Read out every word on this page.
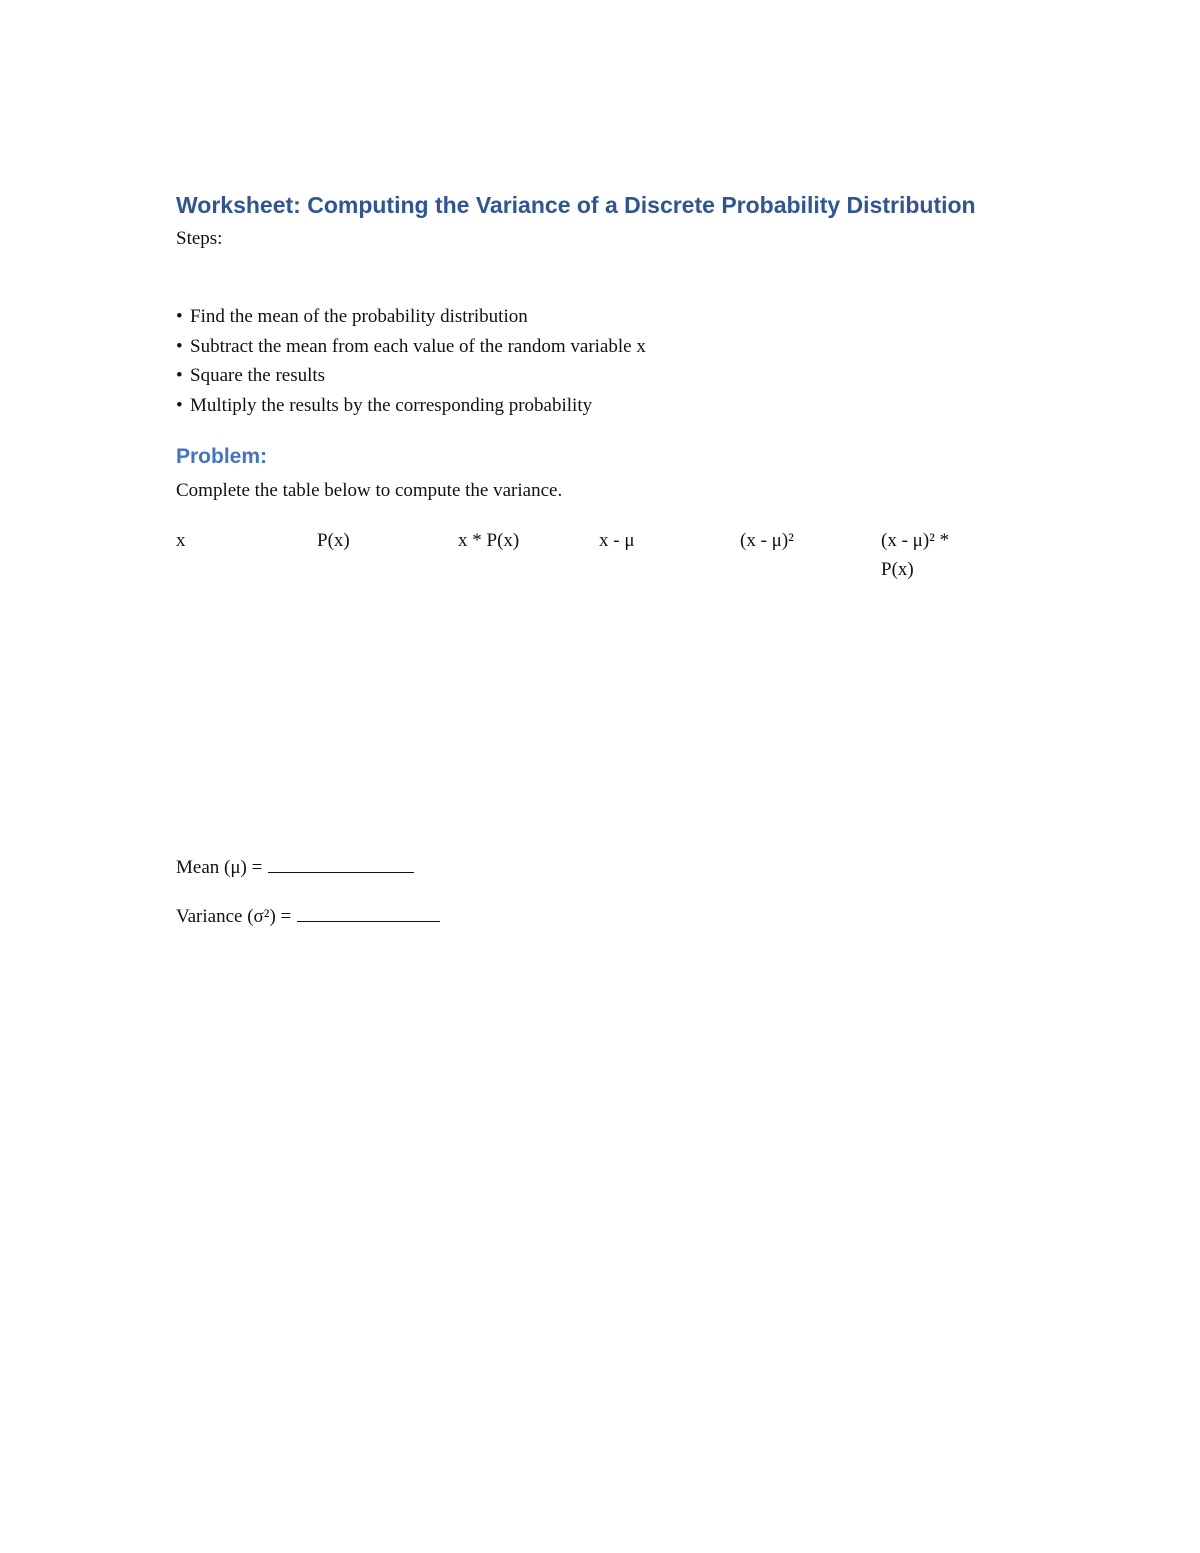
Worksheet: Computing the Variance of a Discrete Probability Distribution

Steps:

• Find the mean of the probability distribution
• Subtract the mean from each value of the random variable x
• Square the results
• Multiply the results by the corresponding probability
Problem:

Complete the table below to compute the variance.

x	P(x)	x * P(x)	x - μ	(x - μ)²	(x - μ)² * P(x)

Mean (μ) =

Variance (σ²) =
